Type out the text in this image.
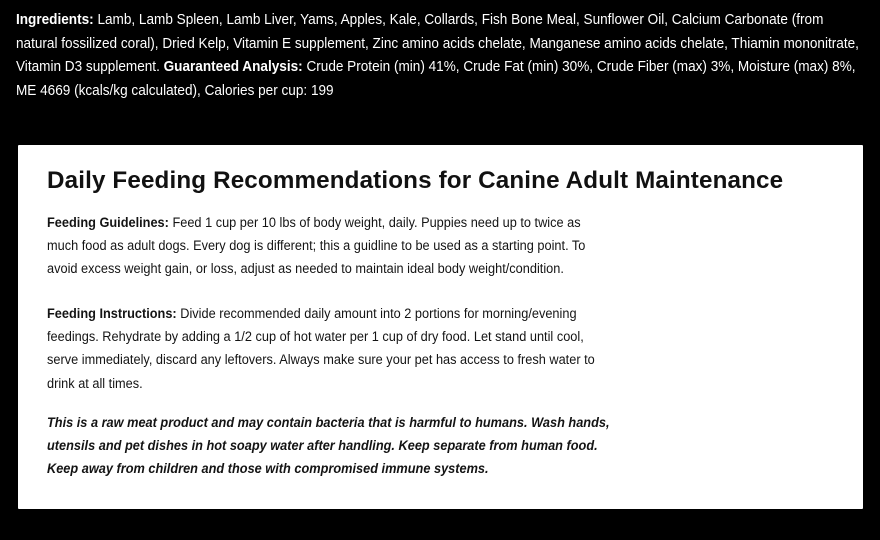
Ingredients: Lamb, Lamb Spleen, Lamb Liver, Yams, Apples, Kale, Collards, Fish Bone Meal, Sunflower Oil, Calcium Carbonate (from natural fossilized coral), Dried Kelp, Vitamin E supplement, Zinc amino acids chelate, Manganese amino acids chelate, Thiamin mononitrate, Vitamin D3 supplement. Guaranteed Analysis: Crude Protein (min) 41%, Crude Fat (min) 30%, Crude Fiber (max) 3%, Moisture (max) 8%, ME 4669 (kcals/kg calculated), Calories per cup: 199
Daily Feeding Recommendations for Canine Adult Maintenance

Feeding Guidelines: Feed 1 cup per 10 lbs of body weight, daily. Puppies need up to twice as much food as adult dogs. Every dog is different; this a guidline to be used as a starting point. To avoid excess weight gain, or loss, adjust as needed to maintain ideal body weight/condition.

Feeding Instructions: Divide recommended daily amount into 2 portions for morning/evening feedings. Rehydrate by adding a 1/2 cup of hot water per 1 cup of dry food. Let stand until cool, serve immediately, discard any leftovers. Always make sure your pet has access to fresh water to drink at all times.

This is a raw meat product and may contain bacteria that is harmful to humans. Wash hands, utensils and pet dishes in hot soapy water after handling. Keep separate from human food. Keep away from children and those with compromised immune systems.
